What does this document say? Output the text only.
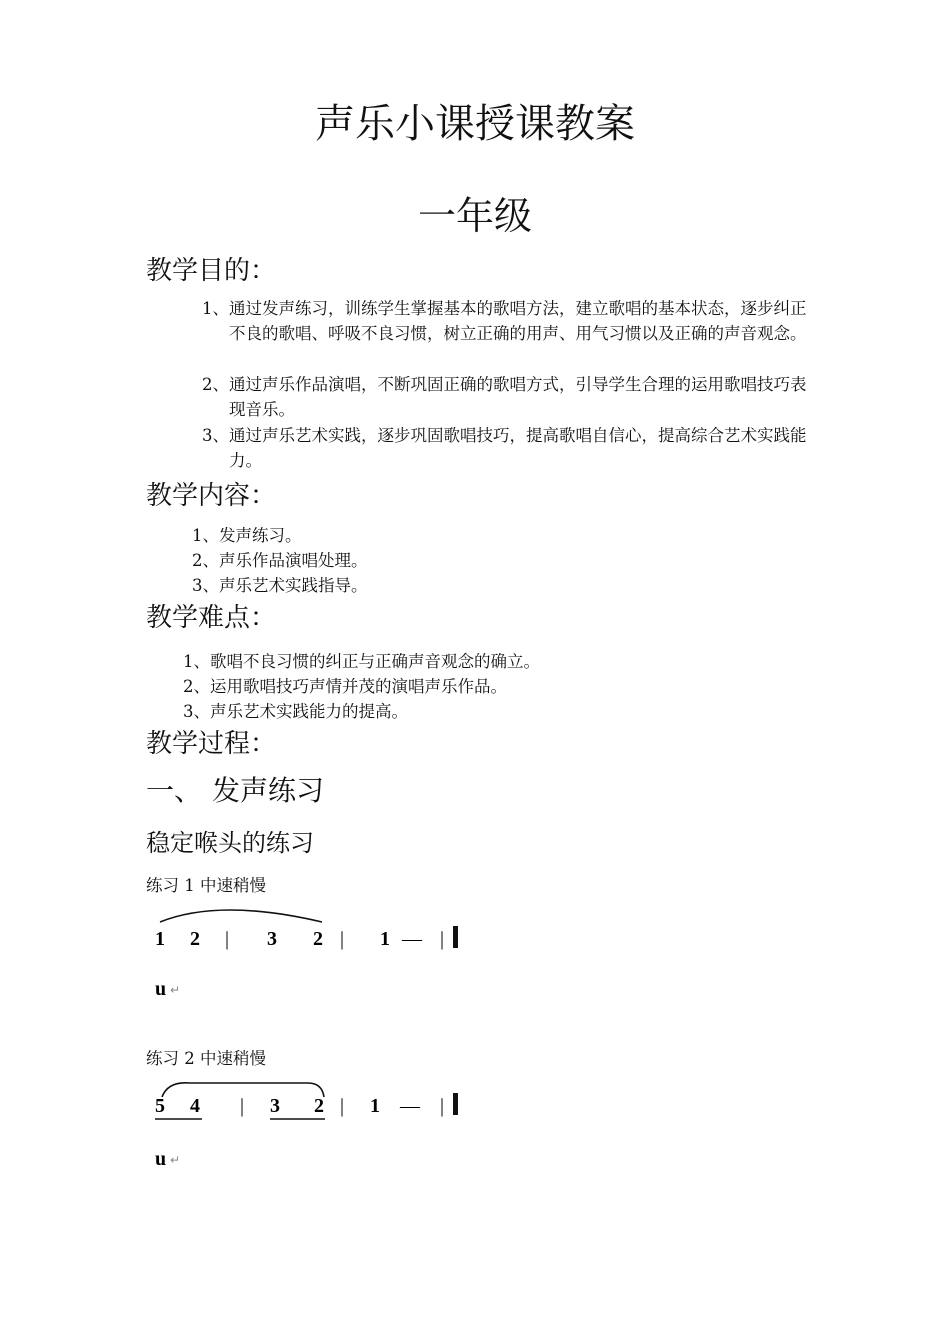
声乐小课授课教案
一年级
教学目的：
1、 通过发声练习，训练学生掌握基本的歌唱方法，建立歌唱的基本状态，逐步纠正不良的歌唱、呼吸不良习惯，树立正确的用声、用气习惯以及正确的声音观念。
2、 通过声乐作品演唱，不断巩固正确的歌唱方式，引导学生合理的运用歌唱技巧表现音乐。
3、 通过声乐艺术实践，逐步巩固歌唱技巧，提高歌唱自信心，提高综合艺术实践能力。
教学内容：
1、发声练习。
2、声乐作品演唱处理。
3、声乐艺术实践指导。
教学难点：
1、歌唱不良习惯的纠正与正确声音观念的确立。
2、运用歌唱技巧声情并茂的演唱声乐作品。
3、声乐艺术实践能力的提高。
教学过程：
一、 发声练习
稳定喉头的练习
练习 1 中速稍慢
1 2 | 3 2 | 1 — |
u ↵
练习 2 中速稍慢
5 4 | 3 2 | 1 — |
u ↵
